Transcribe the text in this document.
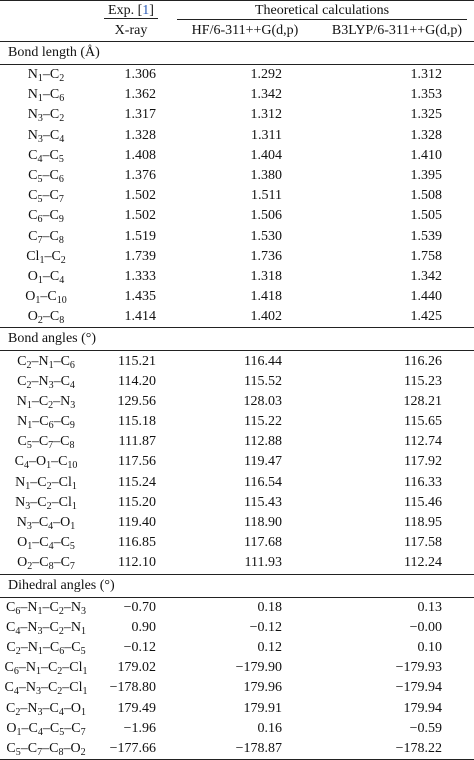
	Exp. [1]	Theoretical calculations	
	X-ray	HF/6-311++G(d,p)	B3LYP/6-311++G(d,p)
Bond length (Å)			
$N_1-C_2$	1.306	1.292	1.312
$N_1-C_6$	1.362	1.342	1.353
$N_3-C_2$	1.317	1.312	1.325
$N_3-C_4$	1.328	1.311	1.328
$C_4-C_5$	1.408	1.404	1.410
$C_5-C_6$	1.376	1.380	1.395
$C_5-C_7$	1.502	1.511	1.508
$C_6-C_9$	1.502	1.506	1.505
$C_7-C_8$	1.519	1.530	1.539
$Cl_1-C_2$	1.739	1.736	1.758
$O_1-C_4$	1.333	1.318	1.342
$O_1-C_{10}$	1.435	1.418	1.440
$O_2-C_8$	1.414	1.402	1.425
Bond angles (°)			
$C_2-N_1-C_6$	115.21	116.44	116.26
$C_2-N_3-C_4$	114.20	115.52	115.23
$N_1-C_2-N_3$	129.56	128.03	128.21
$N_1-C_6-C_9$	115.18	115.22	115.65
$C_5-C_7-C_8$	111.87	112.88	112.74
$C_4-O_1-C_{10}$	117.56	119.47	117.92
$N_1-C_2-Cl_1$	115.24	116.54	116.33
$N_3-C_2-Cl_1$	115.20	115.43	115.46
$N_3-C_4-O_1$	119.40	118.90	118.95
$O_1-C_4-C_5$	116.85	117.68	117.58
$O_2-C_8-C_7$	112.10	111.93	112.24
Dihedral angles (°)			
$C_6-N_1-C_2-N_3$	−0.70	0.18	0.13
$C_4-N_3-C_2-N_1$	0.90	−0.12	−0.00
$C_2-N_1-C_6-C_5$	−0.12	0.12	0.10
$C_6-N_1-C_2-Cl_1$	179.02	−179.90	−179.93
$C_4-N_3-C_2-Cl_1$	−178.80	179.96	−179.94
$C_2-N_3-C_4-O_1$	179.49	179.91	179.94
$O_1-C_4-C_5-C_7$	−1.96	0.16	−0.59
$C_5-C_7-C_8-O_2$	−177.66	−178.87	−178.22
